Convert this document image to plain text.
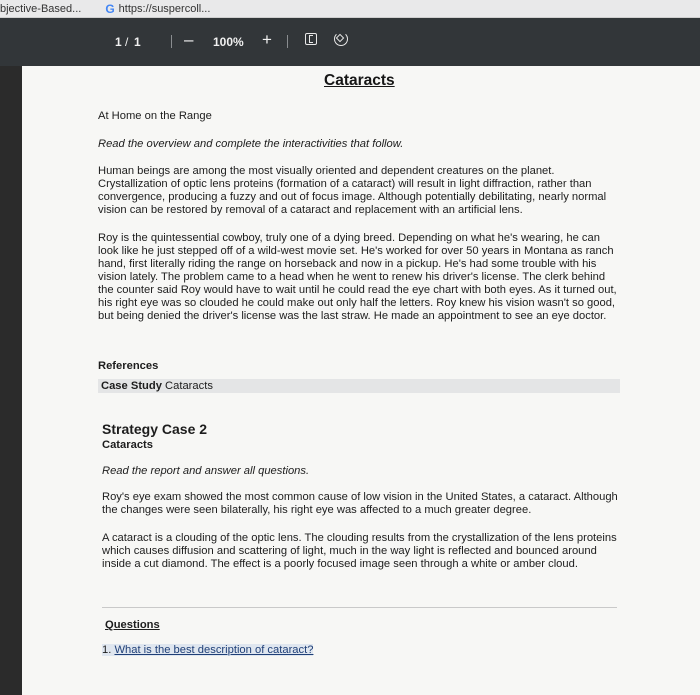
bjective-Based... G https://suspercoll...
1 / 1	– 100% +
Cataracts

At Home on the Range

Read the overview and complete the interactivities that follow.

Human beings are among the most visually oriented and dependent creatures on the planet. Crystallization of optic lens proteins (formation of a cataract) will result in light diffraction, rather than convergence, producing a fuzzy and out of focus image. Although potentially debilitating, nearly normal vision can be restored by removal of a cataract and replacement with an artificial lens.

Roy is the quintessential cowboy, truly one of a dying breed. Depending on what he's wearing, he can look like he just stepped off of a wild-west movie set. He's worked for over 50 years in Montana as ranch hand, first literally riding the range on horseback and now in a pickup. He's had some trouble with his vision lately. The problem came to a head when he went to renew his driver's license. The clerk behind the counter said Roy would have to wait until he could read the eye chart with both eyes. As it turned out, his right eye was so clouded he could make out only half the letters. Roy knew his vision wasn't so good, but being denied the driver's license was the last straw. He made an appointment to see an eye doctor.

References

Case Study Cataracts
Strategy Case 2
Cataracts

Read the report and answer all questions.

Roy's eye exam showed the most common cause of low vision in the United States, a cataract. Although the changes were seen bilaterally, his right eye was affected to a much greater degree.

A cataract is a clouding of the optic lens. The clouding results from the crystallization of the lens proteins which causes diffusion and scattering of light, much in the way light is reflected and bounced around inside a cut diamond. The effect is a poorly focused image seen through a white or amber cloud.

Questions
1. What is the best description of cataract?
